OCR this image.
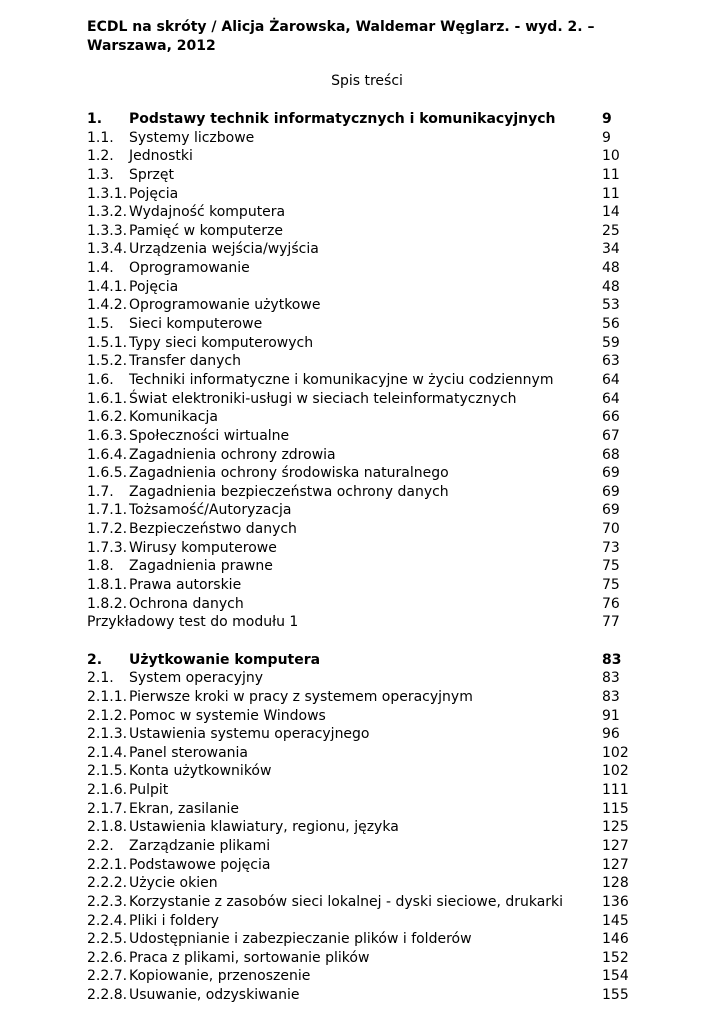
ECDL na skróty / Alicja Żarowska, Waldemar Węglarz. - wyd. 2. – Warszawa, 2012

Spis treści

1. Podstawy technik informatycznych i komunikacyjnych	9
1.1. Systemy liczbowe	9
1.2. Jednostki	10
1.3. Sprzęt	11
1.3.1. Pojęcia	11
1.3.2. Wydajność komputera	14
1.3.3. Pamięć w komputerze	25
1.3.4. Urządzenia wejścia/wyjścia	34
1.4. Oprogramowanie	48
1.4.1. Pojęcia	48
1.4.2. Oprogramowanie użytkowe	53
1.5. Sieci komputerowe	56
1.5.1. Typy sieci komputerowych	59
1.5.2. Transfer danych	63
1.6. Techniki informatyczne i komunikacyjne w życiu codziennym	64
1.6.1. Świat elektroniki-usługi w sieciach teleinformatycznych	64
1.6.2. Komunikacja	66
1.6.3. Społeczności wirtualne	67
1.6.4. Zagadnienia ochrony zdrowia	68
1.6.5. Zagadnienia ochrony środowiska naturalnego	69
1.7. Zagadnienia bezpieczeństwa ochrony danych	69
1.7.1. Tożsamość/Autoryzacja	69
1.7.2. Bezpieczeństwo danych	70
1.7.3. Wirusy komputerowe	73
1.8. Zagadnienia prawne	75
1.8.1. Prawa autorskie	75
1.8.2. Ochrona danych	76
Przykładowy test do modułu 1	77
2. Użytkowanie komputera	83
2.1. System operacyjny	83
2.1.1. Pierwsze kroki w pracy z systemem operacyjnym	83
2.1.2. Pomoc w systemie Windows	91
2.1.3. Ustawienia systemu operacyjnego	96
2.1.4. Panel sterowania	102
2.1.5. Konta użytkowników	102
2.1.6. Pulpit	111
2.1.7. Ekran, zasilanie	115
2.1.8. Ustawienia klawiatury, regionu, języka	125
2.2. Zarządzanie plikami	127
2.2.1. Podstawowe pojęcia	127
2.2.2. Użycie okien	128
2.2.3. Korzystanie z zasobów sieci lokalnej - dyski sieciowe, drukarki	136
2.2.4. Pliki i foldery	145
2.2.5. Udostępnianie i zabezpieczanie plików i folderów	146
2.2.6. Praca z plikami, sortowanie plików	152
2.2.7. Kopiowanie, przenoszenie	154
2.2.8. Usuwanie, odzyskiwanie	155
